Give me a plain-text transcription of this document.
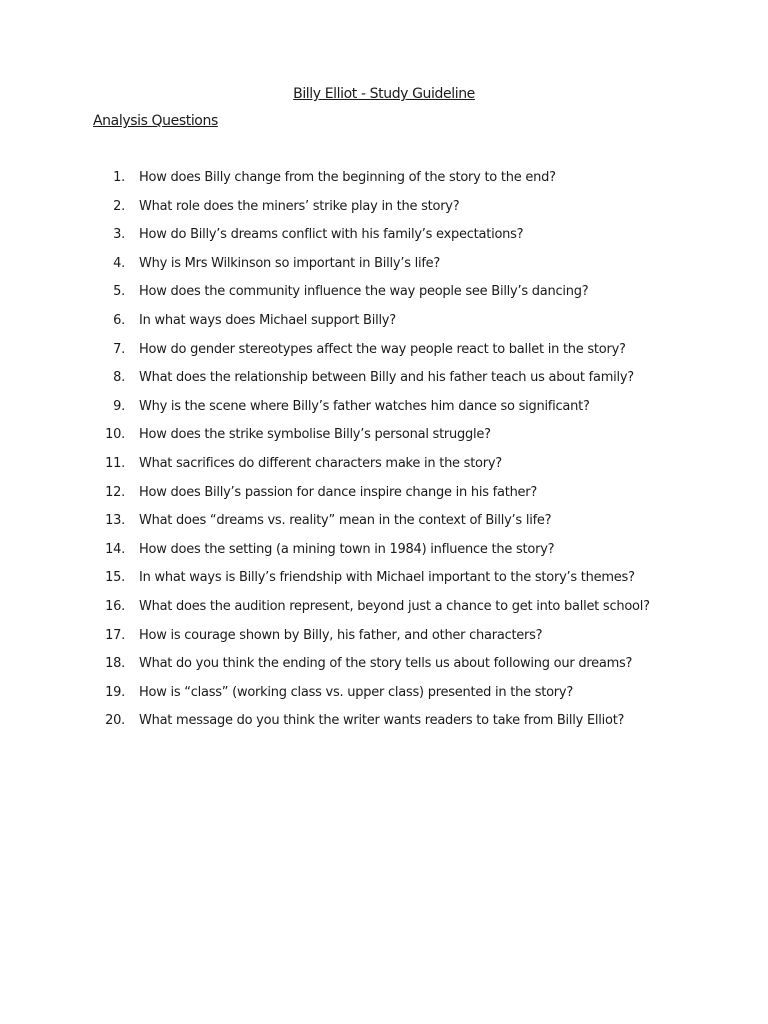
Billy Elliot - Study Guideline
Analysis Questions
1. How does Billy change from the beginning of the story to the end?
2. What role does the miners’ strike play in the story?
3. How do Billy’s dreams conflict with his family’s expectations?
4. Why is Mrs Wilkinson so important in Billy’s life?
5. How does the community influence the way people see Billy’s dancing?
6. In what ways does Michael support Billy?
7. How do gender stereotypes affect the way people react to ballet in the story?
8. What does the relationship between Billy and his father teach us about family?
9. Why is the scene where Billy’s father watches him dance so significant?
10. How does the strike symbolise Billy’s personal struggle?
11. What sacrifices do different characters make in the story?
12. How does Billy’s passion for dance inspire change in his father?
13. What does “dreams vs. reality” mean in the context of Billy’s life?
14. How does the setting (a mining town in 1984) influence the story?
15. In what ways is Billy’s friendship with Michael important to the story’s themes?
16. What does the audition represent, beyond just a chance to get into ballet school?
17. How is courage shown by Billy, his father, and other characters?
18. What do you think the ending of the story tells us about following our dreams?
19. How is “class” (working class vs. upper class) presented in the story?
20. What message do you think the writer wants readers to take from Billy Elliot?
